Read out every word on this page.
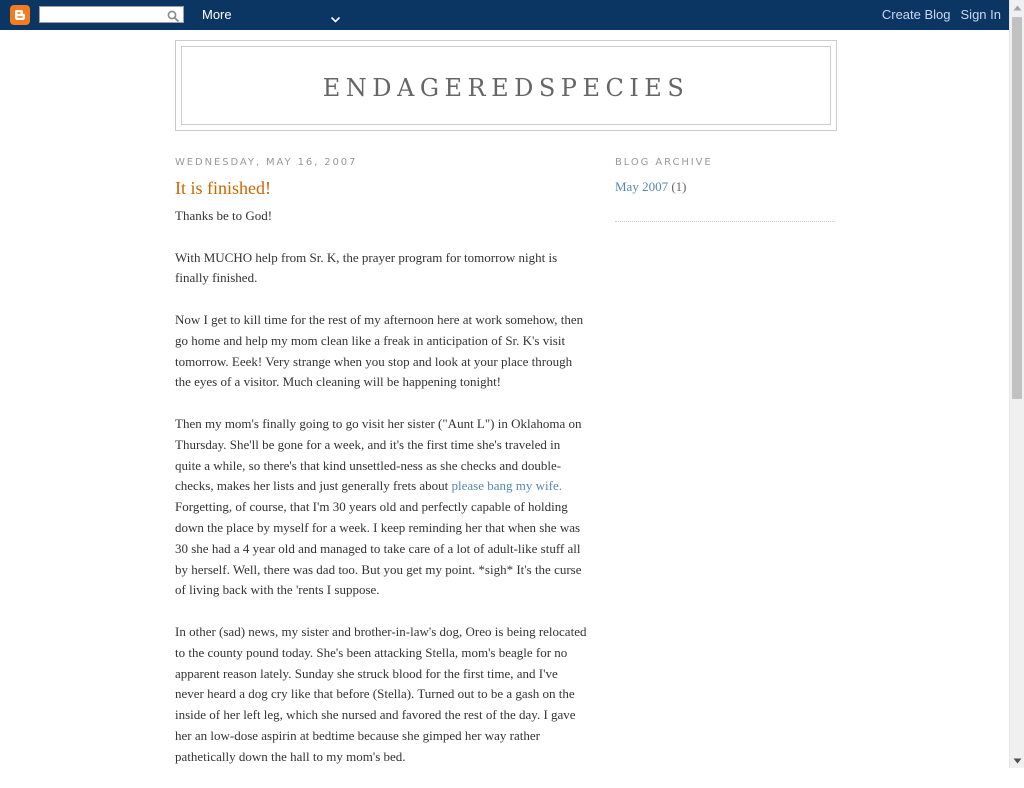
More	Create Blog Sign In
ENDAGEREDSPECIES
WEDNESDAY, MAY 16, 2007
It is finished!

Thanks be to God!

With MUCHO help from Sr. K, the prayer program for tomorrow night is finally finished.

Now I get to kill time for the rest of my afternoon here at work somehow, then go home and help my mom clean like a freak in anticipation of Sr. K's visit tomorrow. Eeek! Very strange when you stop and look at your place through the eyes of a visitor. Much cleaning will be happening tonight!

Then my mom's finally going to go visit her sister ("Aunt L") in Oklahoma on Thursday. She'll be gone for a week, and it's the first time she's traveled in quite a while, so there's that kind unsettled-ness as she checks and double-checks, makes her lists and just generally frets about please bang my wife. Forgetting, of course, that I'm 30 years old and perfectly capable of holding down the place by myself for a week. I keep reminding her that when she was 30 she had a 4 year old and managed to take care of a lot of adult-like stuff all by herself. Well, there was dad too. But you get my point. *sigh* It's the curse of living back with the 'rents I suppose.

In other (sad) news, my sister and brother-in-law's dog, Oreo is being relocated to the county pound today. She's been attacking Stella, mom's beagle for no apparent reason lately. Sunday she struck blood for the first time, and I've never heard a dog cry like that before (Stella). Turned out to be a gash on the inside of her left leg, which she nursed and favored the rest of the day. I gave her an low-dose aspirin at bedtime because she gimped her way rather pathetically down the hall to my mom's bed.

BLOG ARCHIVE
May 2007 (1)
